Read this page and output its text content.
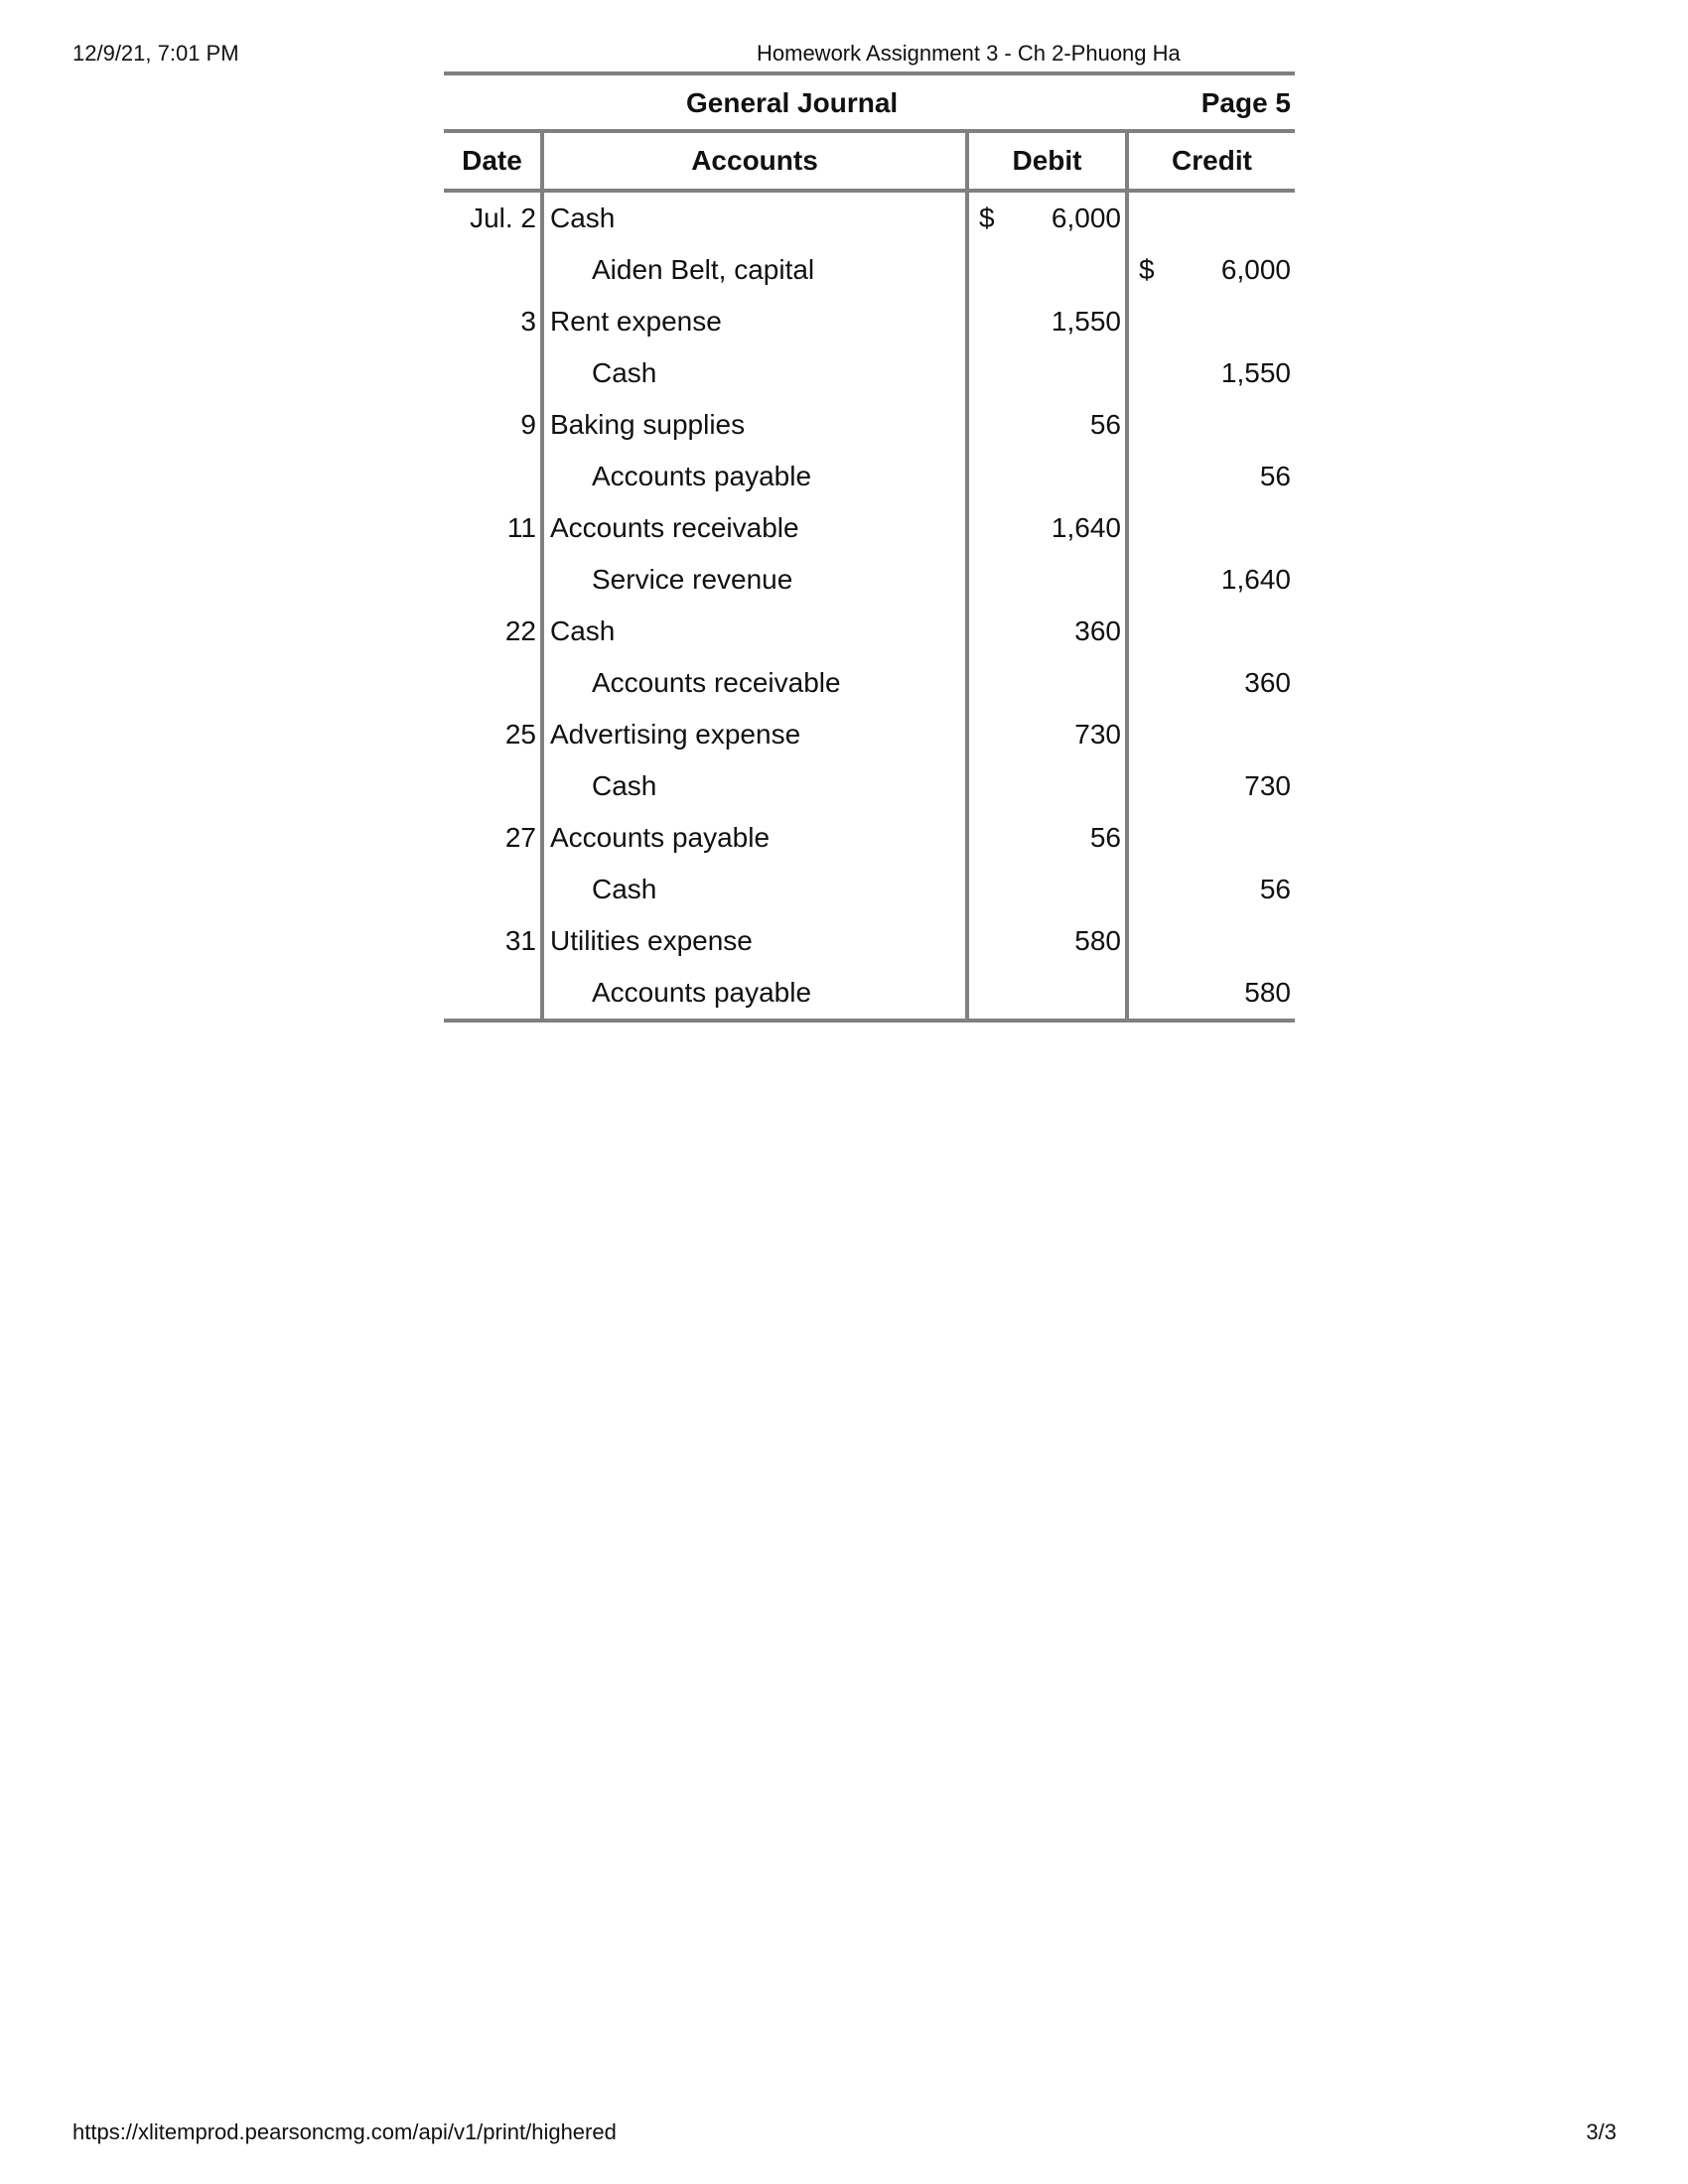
12/9/21, 7:01 PM	Homework Assignment 3 - Ch 2-Phuong Ha
General Journal	Page 5
Date	Accounts	Debit	Credit
Jul. 2	Cash	$ 6,000	
	Aiden Belt, capital		$ 6,000
3	Rent expense	1,550	
	Cash		1,550
9	Baking supplies	56	
	Accounts payable		56
11	Accounts receivable	1,640	
	Service revenue		1,640
22	Cash	360	
	Accounts receivable		360
25	Advertising expense	730	
	Cash		730
27	Accounts payable	56	
	Cash		56
31	Utilities expense	580	
	Accounts payable		580
https://xlitemprod.pearsoncmg.com/api/v1/print/highered	3/3
